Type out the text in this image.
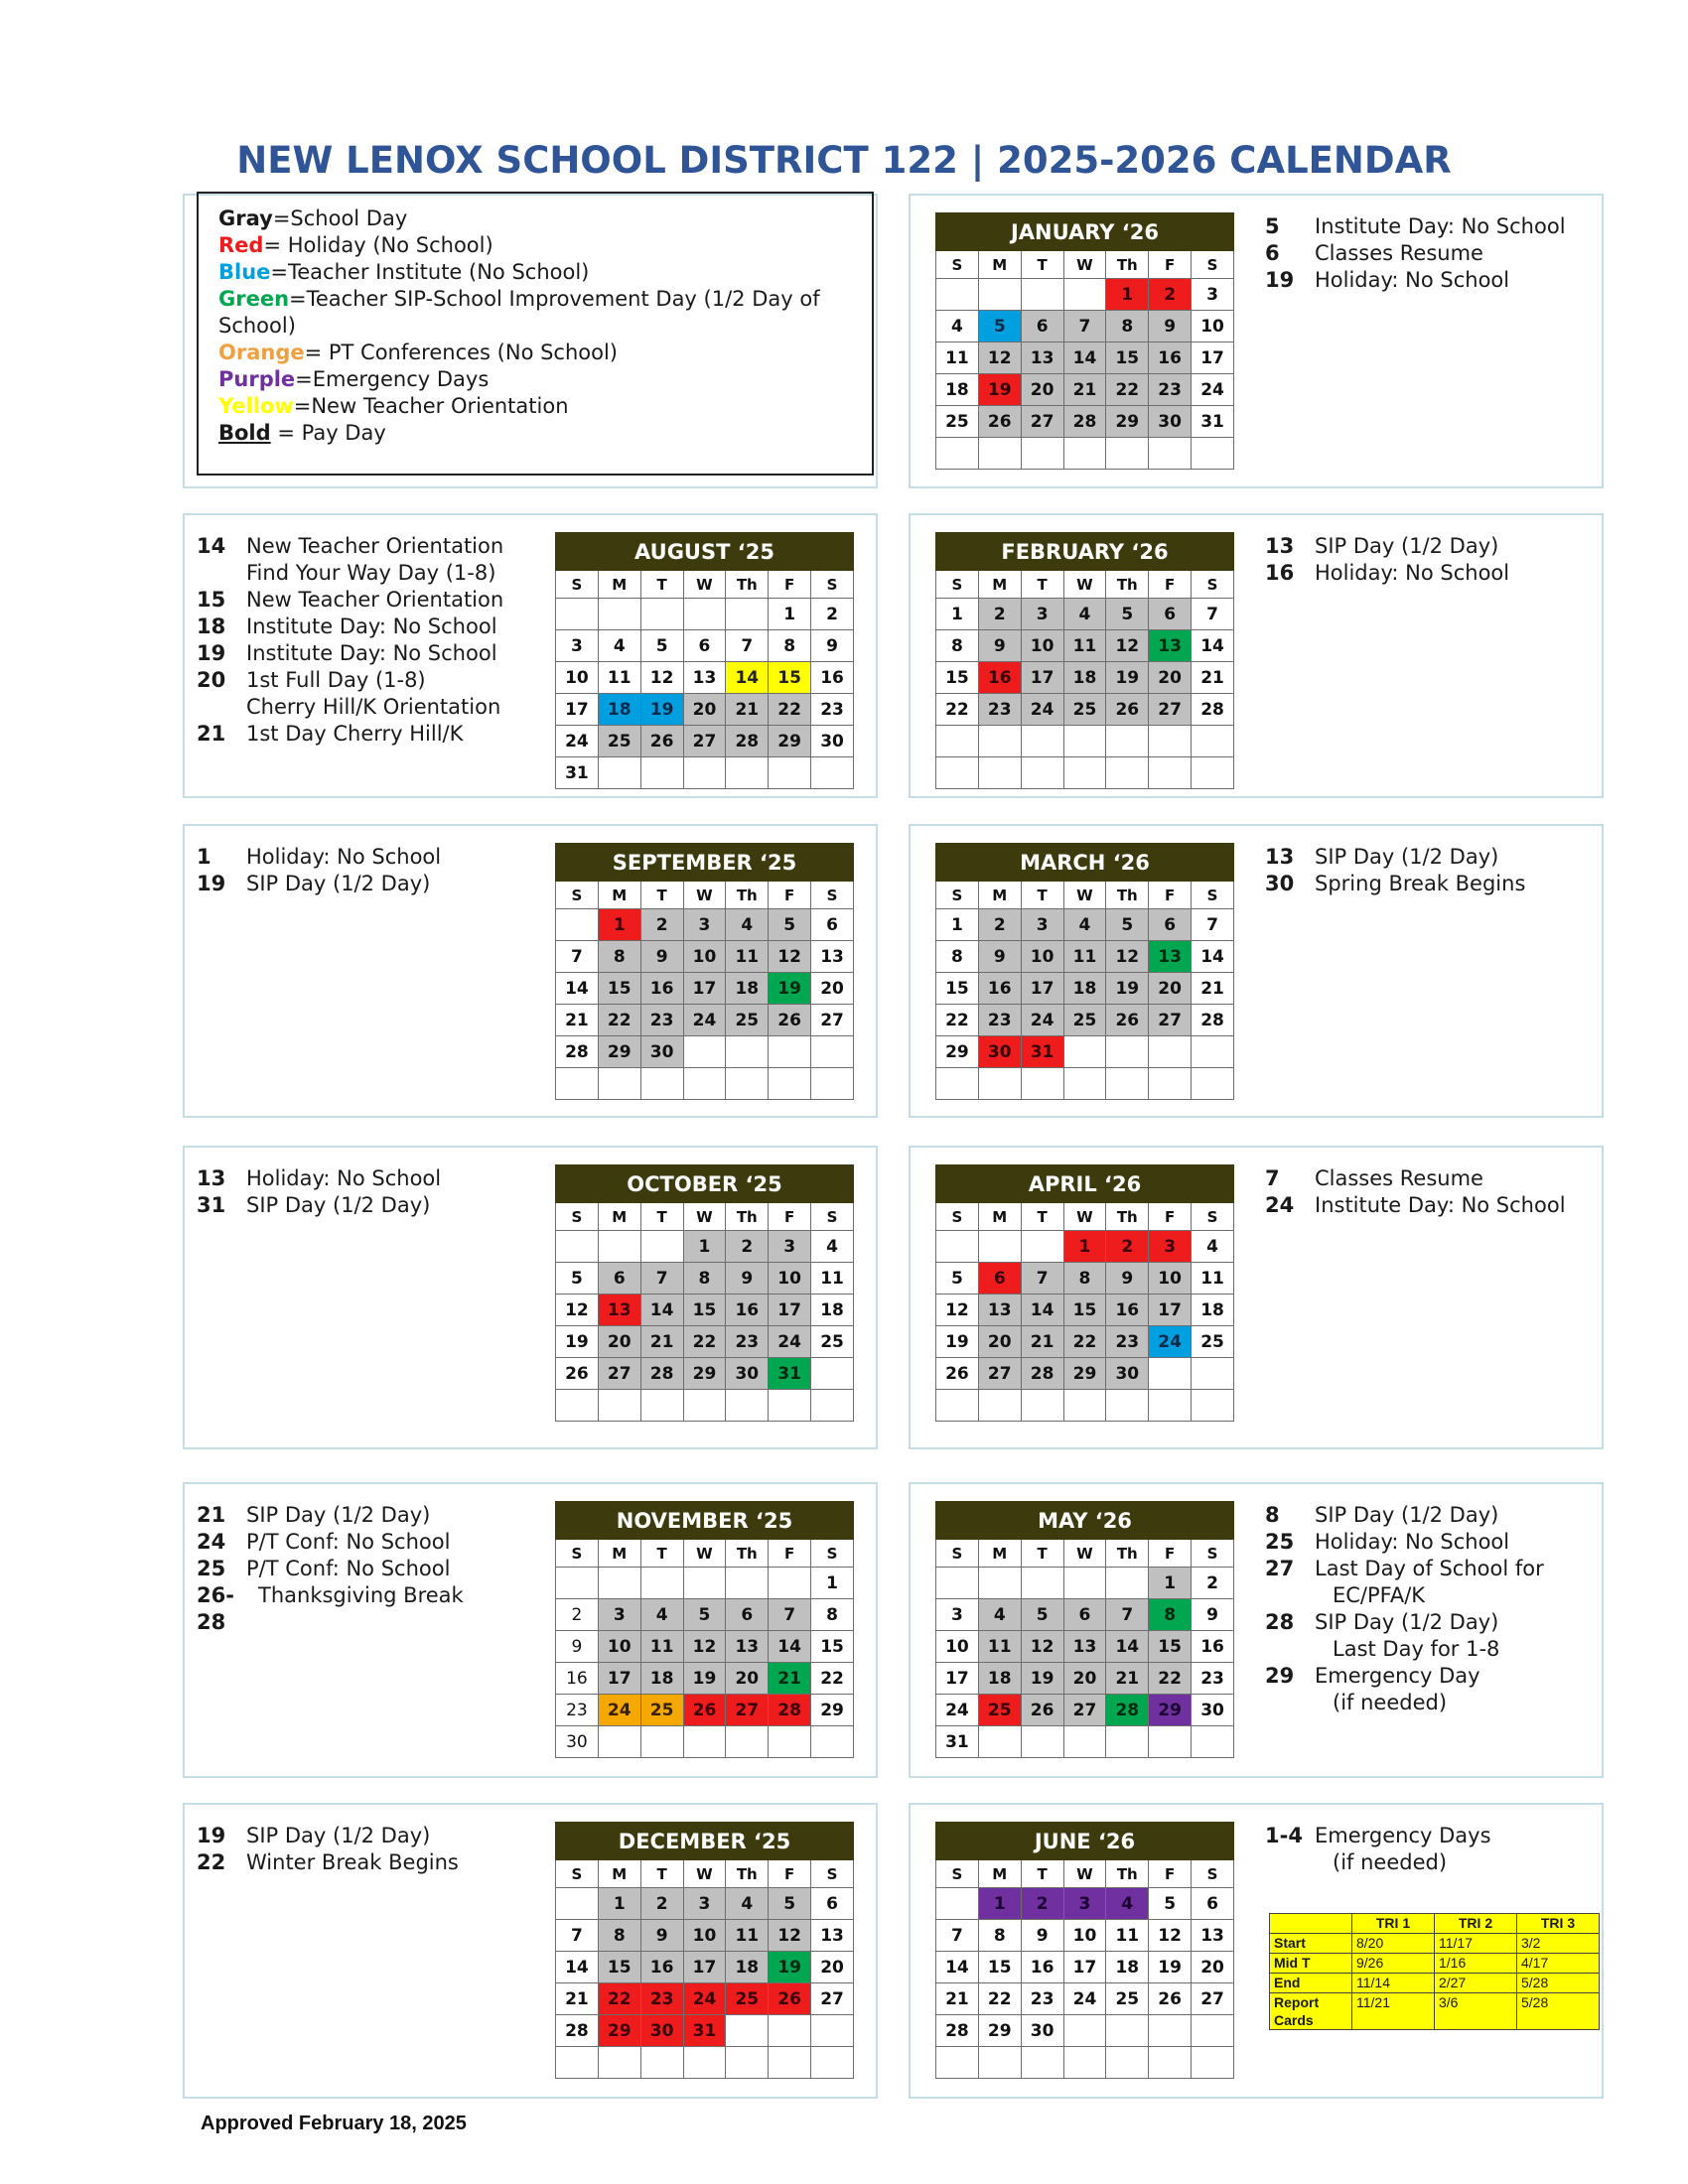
NEW LENOX SCHOOL DISTRICT 122 | 2025-2026 CALENDAR
Gray=School Day
Red= Holiday (No School)
Blue=Teacher Institute (No School)
Green=Teacher SIP-School Improvement Day (1/2 Day of School)
Orange= PT Conferences (No School)
Purple=Emergency Days
Yellow=New Teacher Orientation
Bold = Pay Day
JANUARY ‘26						
S	M	T	W	Th	F	S
				1	2	3
4	5	6	7	8	9	10
11	12	13	14	15	16	17
18	19	20	21	22	23	24
25	26	27	28	29	30	31

AUGUST ‘25						
S	M	T	W	Th	F	S
					1	2
3	4	5	6	7	8	9
10	11	12	13	14	15	16
17	18	19	20	21	22	23
24	25	26	27	28	29	30
31						
FEBRUARY ‘26						
S	M	T	W	Th	F	S
1	2	3	4	5	6	7
8	9	10	11	12	13	14
15	16	17	18	19	20	21
22	23	24	25	26	27	28

SEPTEMBER ‘25						
S	M	T	W	Th	F	S
	1	2	3	4	5	6
7	8	9	10	11	12	13
14	15	16	17	18	19	20
21	22	23	24	25	26	27
28	29	30				

MARCH ‘26						
S	M	T	W	Th	F	S
1	2	3	4	5	6	7
8	9	10	11	12	13	14
15	16	17	18	19	20	21
22	23	24	25	26	27	28
29	30	31				

OCTOBER ‘25						
S	M	T	W	Th	F	S
			1	2	3	4
5	6	7	8	9	10	11
12	13	14	15	16	17	18
19	20	21	22	23	24	25
26	27	28	29	30	31	

APRIL ‘26						
S	M	T	W	Th	F	S
			1	2	3	4
5	6	7	8	9	10	11
12	13	14	15	16	17	18
19	20	21	22	23	24	25
26	27	28	29	30		

NOVEMBER ‘25						
S	M	T	W	Th	F	S
						1
2	3	4	5	6	7	8
9	10	11	12	13	14	15
16	17	18	19	20	21	22
23	24	25	26	27	28	29
30						
MAY ‘26						
S	M	T	W	Th	F	S
					1	2
3	4	5	6	7	8	9
10	11	12	13	14	15	16
17	18	19	20	21	22	23
24	25	26	27	28	29	30
31						
DECEMBER ‘25						
S	M	T	W	Th	F	S
	1	2	3	4	5	6
7	8	9	10	11	12	13
14	15	16	17	18	19	20
21	22	23	24	25	26	27
28	29	30	31			

JUNE ‘26						
S	M	T	W	Th	F	S
	1	2	3	4	5	6
7	8	9	10	11	12	13
14	15	16	17	18	19	20
21	22	23	24	25	26	27
28	29	30				

5	Institute Day: No School
6	Classes Resume
19 Holiday: No School
14 New Teacher Orientation
Find Your Way Day (1-8)
15 New Teacher Orientation
18 Institute Day: No School
19 Institute Day: No School
20 1st Full Day (1-8)
Cherry Hill/K Orientation
21 1st Day Cherry Hill/K
13 SIP Day (1/2 Day)
16 Holiday: No School
1	Holiday: No School
19 SIP Day (1/2 Day)
13 SIP Day (1/2 Day)
30 Spring Break Begins
13 Holiday: No School
31 SIP Day (1/2 Day)
7	Classes Resume
24 Institute Day: No School
21 SIP Day (1/2 Day)
24 P/T Conf: No School
25 P/T Conf: No School
26-28
Thanksgiving Break
8	SIP Day (1/2 Day)
25 Holiday: No School
27 Last Day of School for
EC/PFA/K
28 SIP Day (1/2 Day)
Last Day for 1-8
29 Emergency Day
(if needed)
19 SIP Day (1/2 Day)
22 Winter Break Begins
1-4 Emergency Days
(if needed)
	TRI 1	TRI 2	TRI 3
Start	8/20	11/17	3/2
Mid T	9/26	1/16	4/17
End	11/14	2/27	5/28
Report Cards	11/21	3/6	5/28
Approved February 18, 2025
